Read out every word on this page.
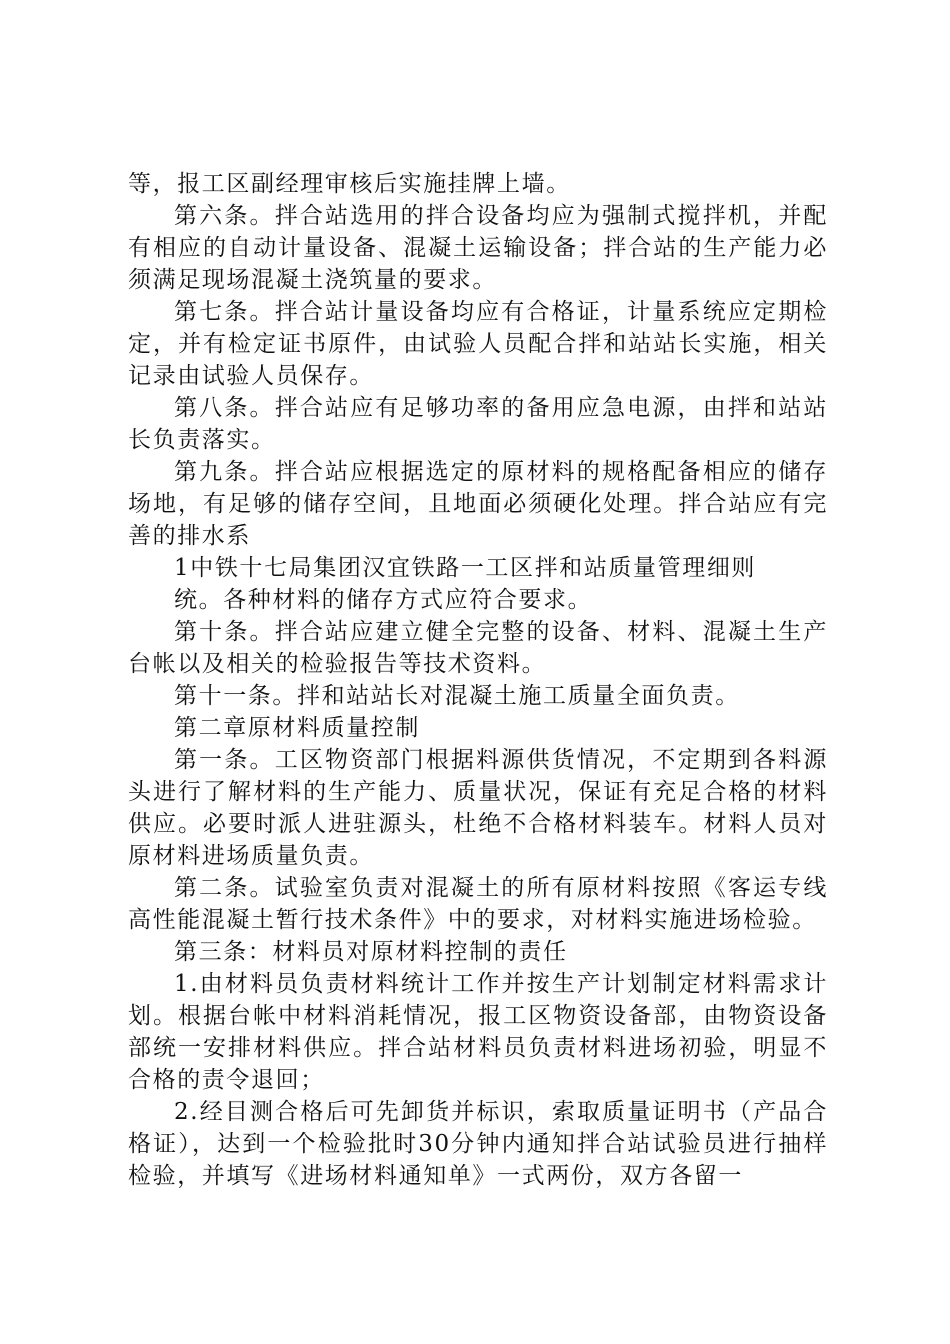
等，报工区副经理审核后实施挂牌上墙。

第六条。拌合站选用的拌合设备均应为强制式搅拌机，并配有相应的自动计量设备、混凝土运输设备；拌合站的生产能力必须满足现场混凝土浇筑量的要求。

第七条。拌合站计量设备均应有合格证，计量系统应定期检定，并有检定证书原件，由试验人员配合拌和站站长实施，相关记录由试验人员保存。

第八条。拌合站应有足够功率的备用应急电源，由拌和站站长负责落实。

第九条。拌合站应根据选定的原材料的规格配备相应的储存场地，有足够的储存空间，且地面必须硬化处理。拌合站应有完善的排水系

1中铁十七局集团汉宜铁路一工区拌和站质量管理细则

统。各种材料的储存方式应符合要求。

第十条。拌合站应建立健全完整的设备、材料、混凝土生产台帐以及相关的检验报告等技术资料。

第十一条。拌和站站长对混凝土施工质量全面负责。

第二章原材料质量控制

第一条。工区物资部门根据料源供货情况，不定期到各料源头进行了解材料的生产能力、质量状况，保证有充足合格的材料供应。必要时派人进驻源头，杜绝不合格材料装车。材料人员对原材料进场质量负责。

第二条。试验室负责对混凝土的所有原材料按照《客运专线高性能混凝土暂行技术条件》中的要求，对材料实施进场检验。

第三条：材料员对原材料控制的责任

1.由材料员负责材料统计工作并按生产计划制定材料需求计划。根据台帐中材料消耗情况，报工区物资设备部，由物资设备部统一安排材料供应。拌合站材料员负责材料进场初验，明显不合格的责令退回；

2.经目测合格后可先卸货并标识，索取质量证明书（产品合格证），达到一个检验批时30分钟内通知拌合站试验员进行抽样检验，并填写《进场材料通知单》一式两份，双方各留一
